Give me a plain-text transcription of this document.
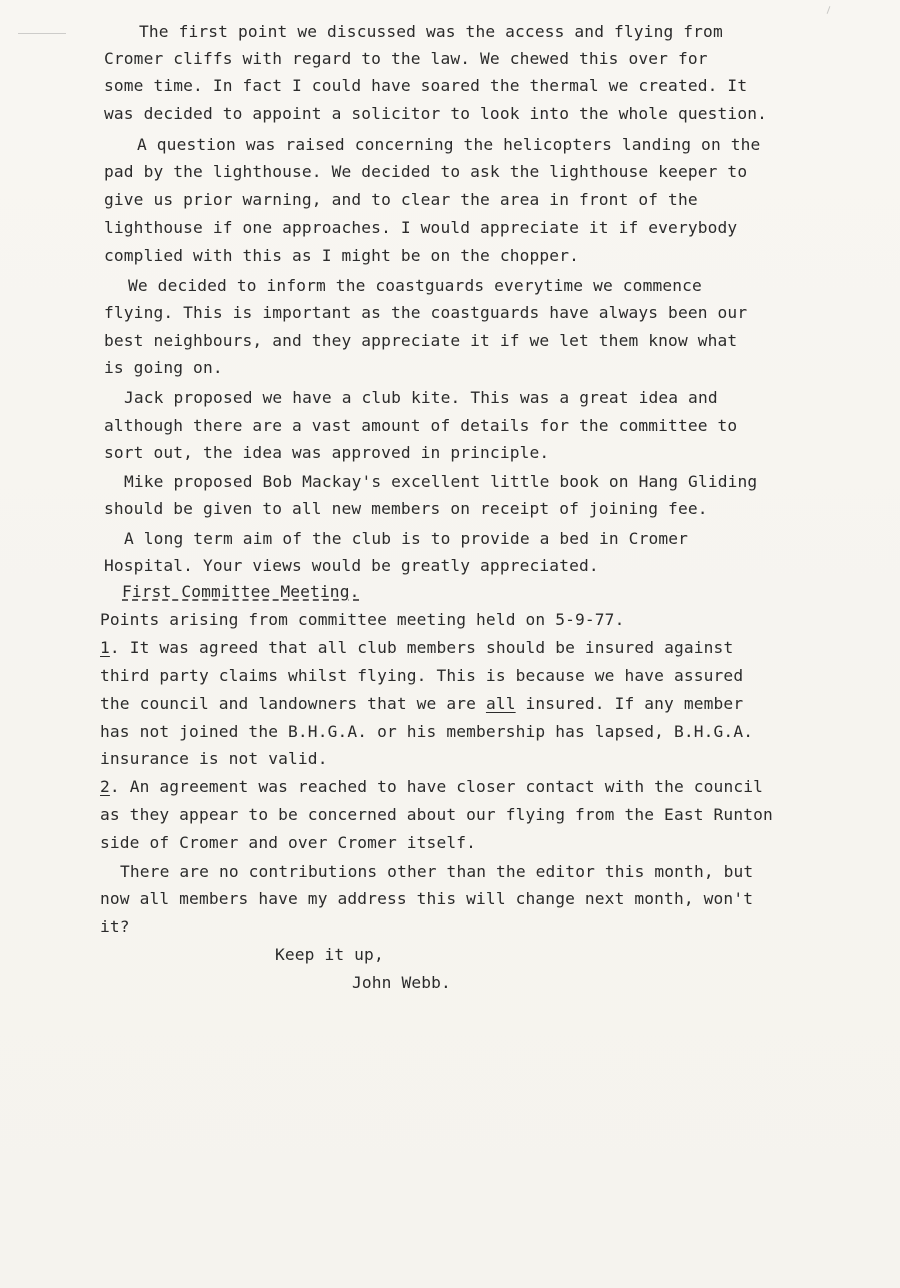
The first point we discussed was the access and flying from
Cromer cliffs with regard to the law. We chewed this over for
some time. In fact I could have soared the thermal we created. It
was decided to appoint a solicitor to look into the whole question.
A question was raised concerning the helicopters landing on the
pad by the lighthouse. We decided to ask the lighthouse keeper to
give us prior warning, and to clear the area in front of the
lighthouse if one approaches. I would appreciate it if everybody
complied with this as I might be on the chopper.
We decided to inform the coastguards everytime we commence
flying. This is important as the coastguards have always been our
best neighbours, and they appreciate it if we let them know what
is going on.
Jack proposed we have a club kite. This was a great idea and
although there are a vast amount of details for the committee to
sort out, the idea was approved in principle.
Mike proposed Bob Mackay's excellent little book on Hang Gliding
should be given to all new members on receipt of joining fee.
A long term aim of the club is to provide a bed in Cromer
Hospital. Your views would be greatly appreciated.
First Committee Meeting.
Points arising from committee meeting held on 5-9-77.
1. It was agreed that all club members should be insured against
third party claims whilst flying. This is because we have assured
the council and landowners that we are all insured. If any member
has not joined the B.H.G.A. or his membership has lapsed, B.H.G.A.
insurance is not valid.
2. An agreement was reached to have closer contact with the council
as they appear to be concerned about our flying from the East Runton
side of Cromer and over Cromer itself.
There are no contributions other than the editor this month, but
now all members have my address this will change next month, won't
it?
Keep it up,
John Webb.
